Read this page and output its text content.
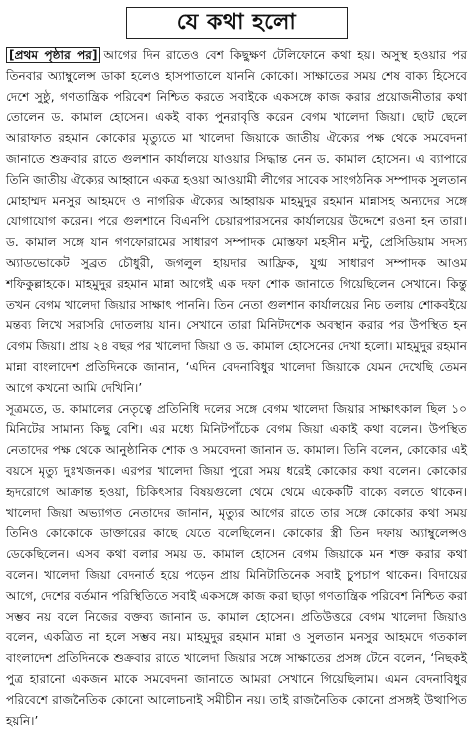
যে কথা হলো

[প্রথম পৃষ্ঠার পর] আগের দিন রাতেও বেশ কিছুক্ষণ টেলিফোনে কথা হয়। অসুস্থ হওয়ার পর তিনবার অ্যাম্বুলেন্স ডাকা হলেও হাসপাতালে যাননি কোকো। সাক্ষাতের সময় শেষ বাক্য হিসেবে দেশে সুষ্ঠু, গণতান্ত্রিক পরিবেশ নিশ্চিত করতে সবাইকে একসঙ্গে কাজ করার প্রয়োজনীতার কথা তোলেন ড. কামাল হোসেন। একই বাক্য পুনরাবৃত্তি করেন বেগম খালেদা জিয়া। ছোট ছেলে আরাফাত রহমান কোকোর মৃত্যুতে মা খালেদা জিয়াকে জাতীয় ঐক্যের পক্ষ থেকে সমবেদনা জানাতে শুক্রবার রাতে গুলশান কার্যালয়ে যাওয়ার সিদ্ধান্ত নেন ড. কামাল হোসেন। এ ব্যাপারে তিনি জাতীয় ঐক্যের আহ্বানে একত্র হওয়া আওয়ামী লীগের সাবেক সাংগঠনিক সম্পাদক সুলতান মোহাম্মদ মনসুর আহমদে ও নাগরিক ঐক্যের আহ্বায়ক মাহমুদুর রহমান মান্নাসহ অন্যদের সঙ্গে যোগাযোগ করেন। পরে গুলশানে বিএনপি চেয়ারপারসনের কার্যালয়ের উদ্দেশে রওনা হন তারা। ড. কামাল সঙ্গে যান গণফোরামের সাধারণ সম্পাদক মোস্তফা মহসীন মন্টু, প্রেসিডিয়াম সদস্য অ্যাডভোকেট সুব্রত চৌধুরী, জগলুল হায়দার আফ্রিক, যুগ্ম সাধারণ সম্পাদক আওম শফিকুল্লাহকে। মাহমুদুর রহমান মান্না আগেই এক দফা শোক জানাতে গিয়েছিলেন সেখানে। কিন্তু তখন বেগম খালেদা জিয়ার সাক্ষাৎ পাননি। তিন নেতা গুলশান কার্যালয়ের নিচ তলায় শোকবইয়ে মন্তব্য লিখে সরাসরি দোতলায় যান। সেখানে তারা মিনিটদশেক অবস্থান করার পর উপস্থিত হন বেগম জিয়া। প্রায় ২৪ বছর পর খালেদা জিয়া ও ড. কামাল হোসেনের দেখা হলো। মাহমুদুর রহমান মান্না বাংলাদেশ প্রতিদিনকে জানান, ‘এদিন বেদনাবিধুর খালেদা জিয়াকে যেমন দেখেছি তেমন আগে কখনো আমি দেখিনি।’

সূত্রমতে, ড. কামালের নেতৃত্বে প্রতিনিধি দলের সঙ্গে বেগম খালেদা জিয়ার সাক্ষাৎকাল ছিল ১০ মিনিটের সামান্য কিছু বেশি। এর মধ্যে মিনিটপাঁচেক বেগম জিয়া একাই কথা বলেন। উপস্থিত নেতাদের পক্ষ থেকে আনুষ্ঠানিক শোক ও সমবেদনা জানান ড. কামাল। তিনি বলেন, কোকোর এই বয়সে মৃত্যু দুঃখজনক। এরপর খালেদা জিয়া পুরো সময় ধরেই কোকোর কথা বলেন। কোকোর হৃদরোগে আক্রান্ত হওয়া, চিকিৎসার বিষয়গুলো থেমে থেমে একেকটি বাক্যে বলতে থাকেন। খালেদা জিয়া অভ্যাগত নেতাদের জানান, মৃত্যুর আগের রাতে তার সঙ্গে কোকোর কথা সময় তিনিও কোকোকে ডাক্তারের কাছে যেতে বলেছিলেন। কোকোর স্ত্রী তিন দফায় অ্যাম্বুলেন্সও ডেকেছিলেন। এসব কথা বলার সময় ড. কামাল হোসেন বেগম জিয়াকে মন শক্ত করার কথা বলেন। খালেদা জিয়া বেদনার্ত হয়ে পড়েন প্রায় মিনিটাতিনেক সবাই চুপচাপ থাকেন। বিদায়ের আগে, দেশের বর্তমান পরিস্থিতিতে সবাই একসঙ্গে কাজ করা ছাড়া গণতান্ত্রিক পরিবেশ নিশ্চিত করা সম্ভব নয় বলে নিজের বক্তব্য জানান ড. কামাল হোসেন। প্রতিউত্তরে বেগম খালেদা জিয়াও বলেন, একত্রিত না হলে সম্ভব নয়। মাহমুদুর রহমান মান্না ও সুলতান মনসুর আহমদে গতকাল বাংলাদেশ প্রতিদিনকে শুক্রবার রাতে খালেদা জিয়ার সঙ্গে সাক্ষাতের প্রসঙ্গ টেনে বলেন, ‘নিছকই পুত্র হারানো একজন মাকে সমবেদনা জানাতে আমরা সেখানে গিয়েছিলাম। এমন বেদনাবিধুর পরিবেশে রাজনৈতিক কোনো আলোচনাই সমীচীন নয়। তাই রাজনৈতিক কোনো প্রসঙ্গই উত্থাপিত হয়নি।’
